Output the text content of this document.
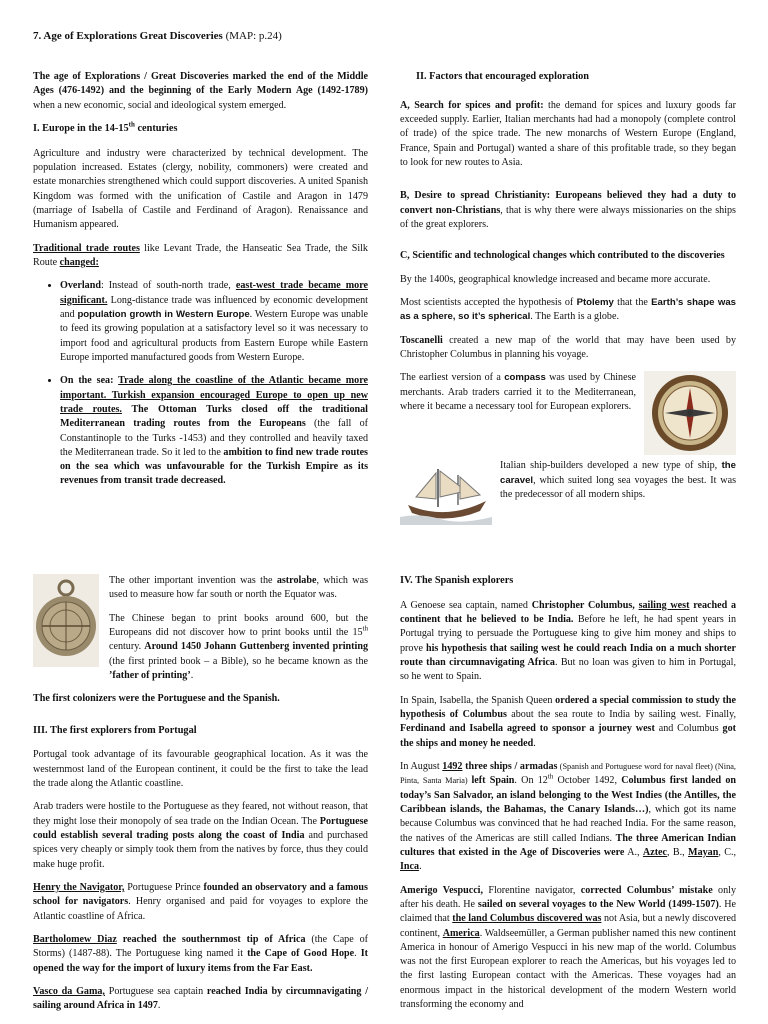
7. Age of Explorations Great Discoveries (MAP: p.24)

The age of Explorations / Great Discoveries marked the end of the Middle Ages (476-1492) and the beginning of the Early Modern Age (1492-1789) when a new economic, social and ideological system emerged.

I. Europe in the 14-15th centuries

Agriculture and industry were characterized by technical development. The population increased. Estates (clergy, nobility, commoners) were created and estate monarchies strengthened which could support discoveries. A united Spanish Kingdom was formed with the unification of Castile and Aragon in 1479 (marriage of Isabella of Castile and Ferdinand of Aragon). Renaissance and Humanism appeared.

Traditional trade routes like Levant Trade, the Hanseatic Sea Trade, the Silk Route changed:

• Overland: Instead of south-north trade, east-west trade became more significant. Long-distance trade was influenced by economic development and population growth in Western Europe. Western Europe was unable to feed its growing population at a satisfactory level so it was necessary to import food and agricultural products from Eastern Europe while Eastern Europe imported manufactured goods from Western Europe.
• On the sea: Trade along the coastline of the Atlantic became more important. Turkish expansion encouraged Europe to open up new trade routes. The Ottoman Turks closed off the traditional Mediterranean trading routes from the Europeans (the fall of Constantinople to the Turks -1453) and they controlled and heavily taxed the Mediterranean trade. So it led to the ambition to find new trade routes on the sea which was unfavourable for the Turkish Empire as its revenues from transit trade decreased.
II. Factors that encouraged exploration

A, Search for spices and profit: the demand for spices and luxury goods far exceeded supply. Earlier, Italian merchants had had a monopoly (complete control of trade) of the spice trade. The new monarchs of Western Europe (England, France, Spain and Portugal) wanted a share of this profitable trade, so they began to look for new routes to Asia.

B, Desire to spread Christianity: Europeans believed they had a duty to convert non-Christians, that is why there were always missionaries on the ships of the great explorers.

C, Scientific and technological changes which contributed to the discoveries

By the 1400s, geographical knowledge increased and became more accurate.

Most scientists accepted the hypothesis of Ptolemy that the Earth’s shape was as a sphere, so it’s spherical. The Earth is a globe.

Toscanelli created a new map of the world that may have been used by Christopher Columbus in planning his voyage.

The earliest version of a compass was used by Chinese merchants. Arab traders carried it to the Mediterranean, where it became a necessary tool for European explorers.

Italian ship-builders developed a new type of ship, the caravel, which suited long sea voyages the best. It was the predecessor of all modern ships.

The other important invention was the astrolabe, which was used to measure how far south or north the Equator was.

The Chinese began to print books around 600, but the Europeans did not discover how to print books until the 15th century. Around 1450 Johann Guttenberg invented printing (the first printed book – a Bible), so he became known as the ’father of printing’.

The first colonizers were the Portuguese and the Spanish.

III. The first explorers from Portugal

Portugal took advantage of its favourable geographical location. As it was the westernmost land of the European continent, it could be the first to take the lead the trade along the Atlantic coastline.

Arab traders were hostile to the Portuguese as they feared, not without reason, that they might lose their monopoly of sea trade on the Indian Ocean. The Portuguese could establish several trading posts along the coast of India and purchased spices very cheaply or simply took them from the natives by force, thus they could make huge profit.

Henry the Navigator, Portuguese Prince founded an observatory and a famous school for navigators. Henry organised and paid for voyages to explore the Atlantic coastline of Africa.

Bartholomew Diaz reached the southernmost tip of Africa (the Cape of Storms) (1487-88). The Portuguese king named it the Cape of Good Hope. It opened the way for the import of luxury items from the Far East.

Vasco da Gama, Portuguese sea captain reached India by circumnavigating / sailing around Africa in 1497.

IV. The Spanish explorers

A Genoese sea captain, named Christopher Columbus, sailing west reached a continent that he believed to be India. Before he left, he had spent years in Portugal trying to persuade the Portuguese king to give him money and ships to prove his hypothesis that sailing west he could reach India on a much shorter route than circumnavigating Africa. But no loan was given to him in Portugal, so he went to Spain.

In Spain, Isabella, the Spanish Queen ordered a special commission to study the hypothesis of Columbus about the sea route to India by sailing west. Finally, Ferdinand and Isabella agreed to sponsor a journey west and Columbus got the ships and money he needed.

In August 1492 three ships / armadas (Spanish and Portuguese word for naval fleet) (Nina, Pinta, Santa Maria) left Spain. On 12th October 1492, Columbus first landed on today’s San Salvador, an island belonging to the West Indies (the Antilles, the Caribbean islands, the Bahamas, the Canary Islands…), which got its name because Columbus was convinced that he had reached India. For the same reason, the natives of the Americas are still called Indians. The three American Indian cultures that existed in the Age of Discoveries were A., Aztec, B., Mayan, C., Inca.

Amerigo Vespucci, Florentine navigator, corrected Columbus’ mistake only after his death. He sailed on several voyages to the New World (1499-1507). He claimed that the land Columbus discovered was not Asia, but a newly discovered continent, America. Waldseemüller, a German publisher named this new continent America in honour of Amerigo Vespucci in his new map of the world. Columbus was not the first European explorer to reach the Americas, but his voyages led to the first lasting European contact with the Americas. These voyages had an enormous impact in the historical development of the modern Western world transforming the economy and
